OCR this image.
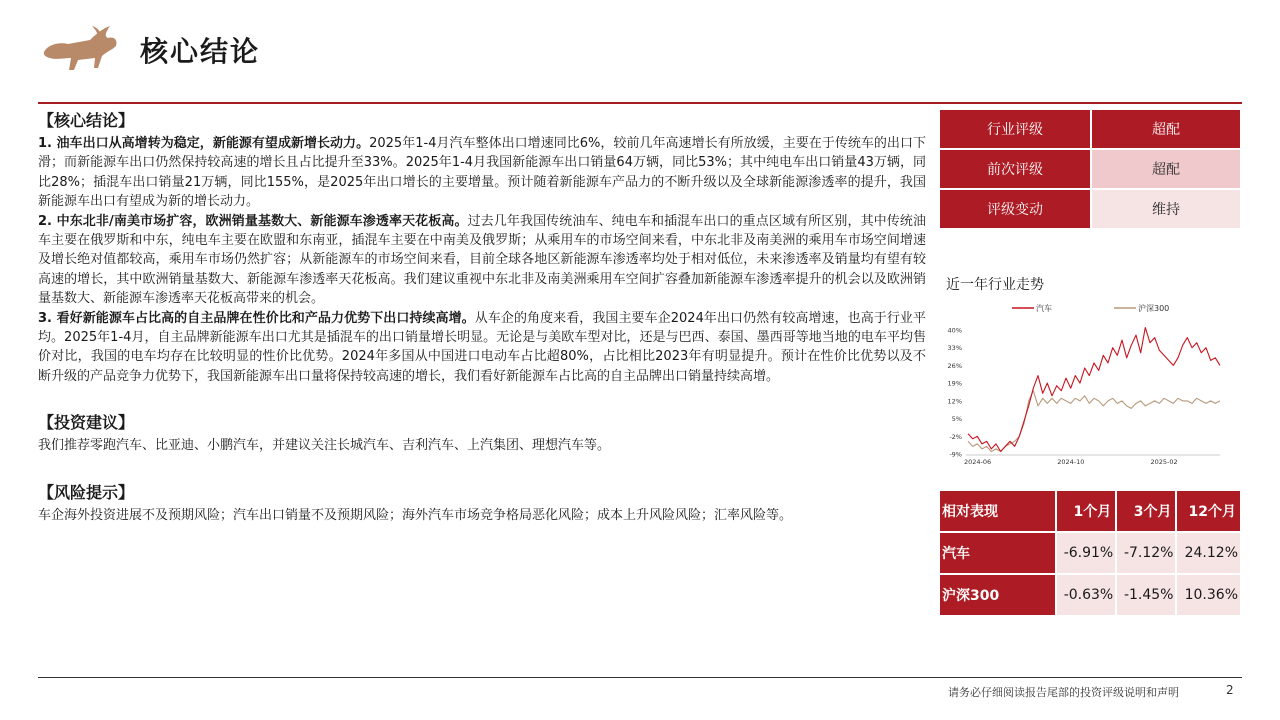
核心结论

【核心结论】

1. 油车出口从高增转为稳定，新能源有望成新增长动力。2025年1-4月汽车整体出口增速同比6%，较前几年高速增长有所放缓，主要在于传统车的出口下滑；而新能源车出口仍然保持较高速的增长且占比提升至33%。2025年1-4月我国新能源车出口销量64万辆，同比53%；其中纯电车出口销量43万辆，同比28%；插混车出口销量21万辆，同比155%，是2025年出口增长的主要增量。预计随着新能源车产品力的不断升级以及全球新能源渗透率的提升，我国新能源车出口有望成为新的增长动力。

2. 中东北非/南美市场扩容，欧洲销量基数大、新能源车渗透率天花板高。过去几年我国传统油车、纯电车和插混车出口的重点区域有所区别，其中传统油车主要在俄罗斯和中东，纯电车主要在欧盟和东南亚，插混车主要在中南美及俄罗斯；从乘用车的市场空间来看，中东北非及南美洲的乘用车市场空间增速及增长绝对值都较高，乘用车市场仍然扩容；从新能源车的市场空间来看，目前全球各地区新能源车渗透率均处于相对低位，未来渗透率及销量均有望有较高速的增长，其中欧洲销量基数大、新能源车渗透率天花板高。我们建议重视中东北非及南美洲乘用车空间扩容叠加新能源车渗透率提升的机会以及欧洲销量基数大、新能源车渗透率天花板高带来的机会。

3. 看好新能源车占比高的自主品牌在性价比和产品力优势下出口持续高增。从车企的角度来看，我国主要车企2024年出口仍然有较高增速，也高于行业平均。2025年1-4月，自主品牌新能源车出口尤其是插混车的出口销量增长明显。无论是与美欧车型对比，还是与巴西、泰国、墨西哥等地当地的电车平均售价对比，我国的电车均存在比较明显的性价比优势。2024年多国从中国进口电动车占比超80%，占比相比2023年有明显提升。预计在性价比优势以及不断升级的产品竞争力优势下，我国新能源车出口量将保持较高速的增长，我们看好新能源车占比高的自主品牌出口销量持续高增。

【投资建议】

我们推荐零跑汽车、比亚迪、小鹏汽车，并建议关注长城汽车、吉利汽车、上汽集团、理想汽车等。

【风险提示】

车企海外投资进展不及预期风险；汽车出口销量不及预期风险；海外汽车市场竞争格局恶化风险；成本上升风险风险；汇率风险等。

行业评级	超配
前次评级	超配
评级变动	维持
近一年行业走势
汽车	沪深300
40%
33%
26%
19%
12%
5%
-2%
-9%
2024-06	2024-10	2025-02
相对表现	1个月	3个月	12个月
汽车	-6.91%	-7.12%	24.12%
沪深300	-0.63%	-1.45%	10.36%
请务必仔细阅读报告尾部的投资评级说明和声明	2
